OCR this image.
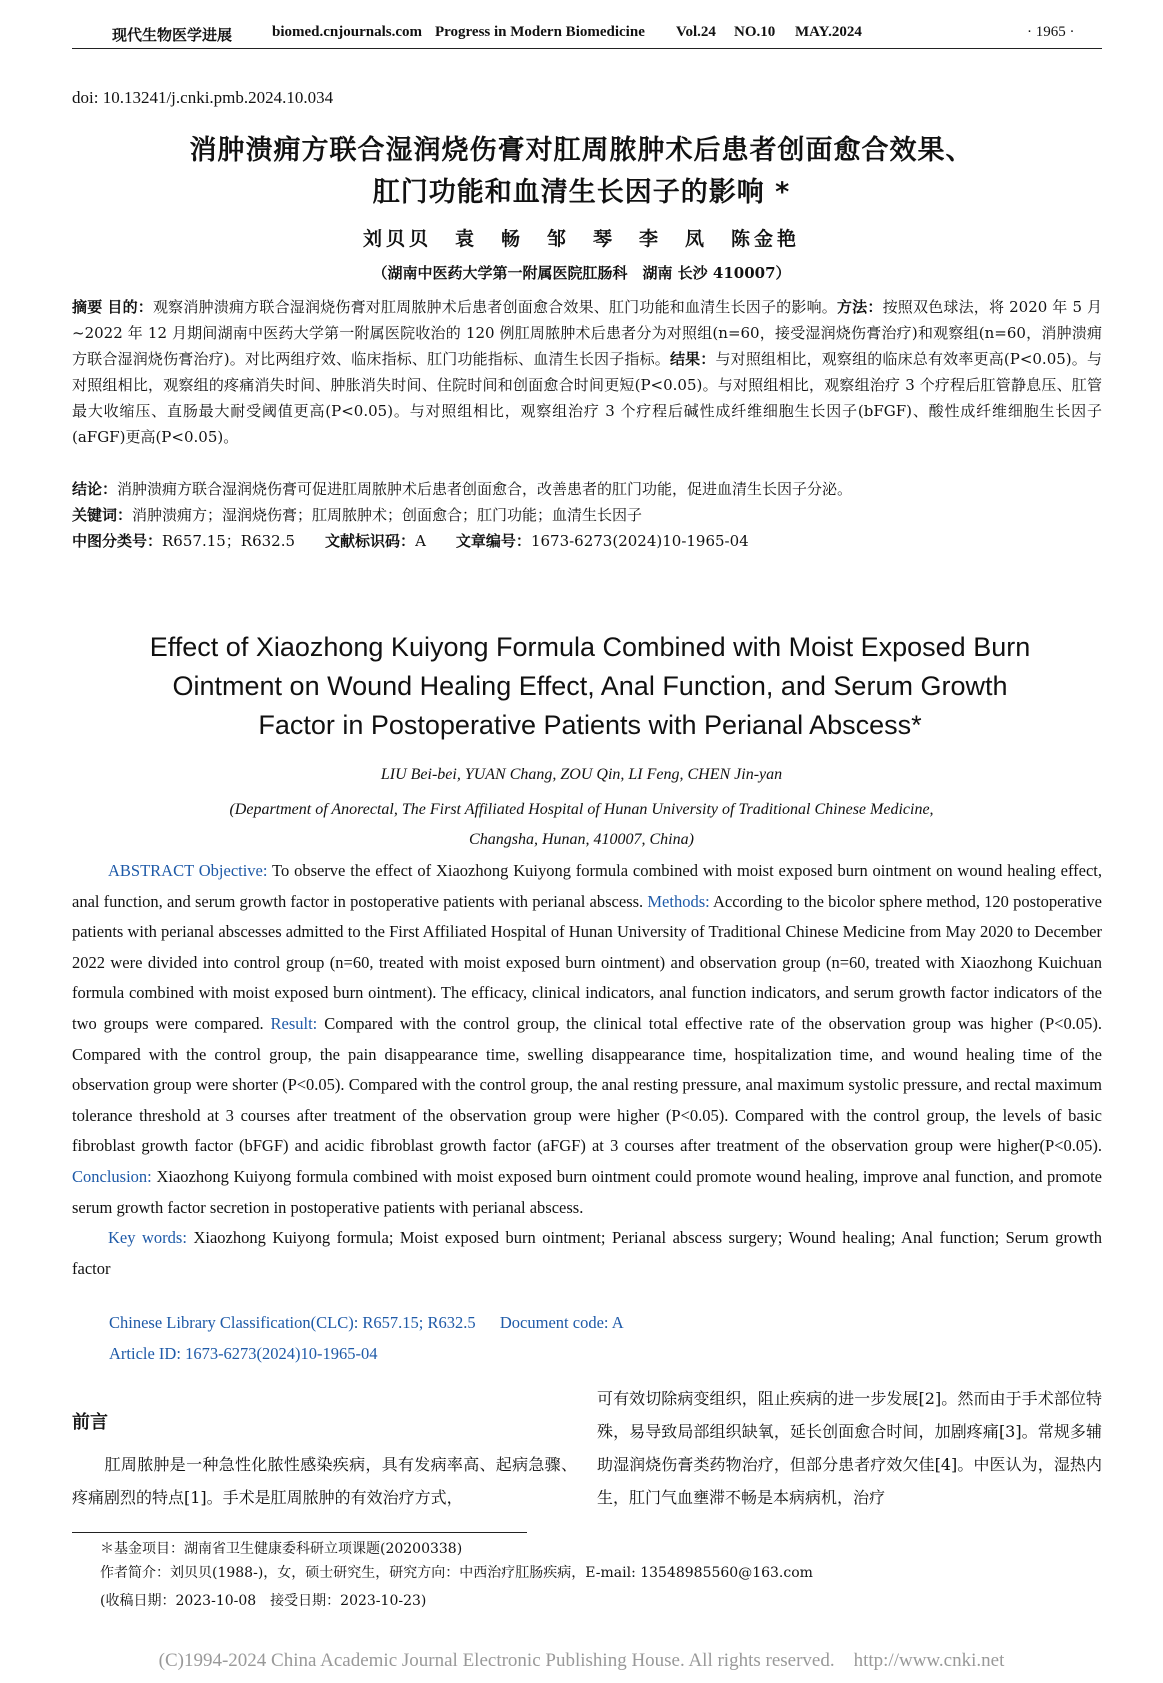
现代生物医学进展	biomed.cnjournals.com Progress in Modern Biomedicine Vol.24 NO.10 MAY.2024	· 1965 ·
doi: 10.13241/j.cnki.pmb.2024.10.034
消肿溃痈方联合湿润烧伤膏对肛周脓肿术后患者创面愈合效果、
肛门功能和血清生长因子的影响 *
刘贝贝　袁　畅　邹　琴　李　凤　陈金艳
（湖南中医药大学第一附属医院肛肠科　湖南 长沙 410007）
摘要 目的：观察消肿溃痈方联合湿润烧伤膏对肛周脓肿术后患者创面愈合效果、肛门功能和血清生长因子的影响。方法：按照双色球法，将 2020 年 5 月 ~2022 年 12 月期间湖南中医药大学第一附属医院收治的 120 例肛周脓肿术后患者分为对照组(n=60，接受湿润烧伤膏治疗)和观察组(n=60，消肿溃痈方联合湿润烧伤膏治疗)。对比两组疗效、临床指标、肛门功能指标、血清生长因子指标。结果：与对照组相比，观察组的临床总有效率更高(P<0.05)。与对照组相比，观察组的疼痛消失时间、肿胀消失时间、住院时间和创面愈合时间更短(P<0.05)。与对照组相比，观察组治疗 3 个疗程后肛管静息压、肛管最大收缩压、直肠最大耐受阈值更高(P<0.05)。与对照组相比，观察组治疗 3 个疗程后碱性成纤维细胞生长因子(bFGF)、酸性成纤维细胞生长因子(aFGF)更高(P<0.05)。
结论：消肿溃痈方联合湿润烧伤膏可促进肛周脓肿术后患者创面愈合，改善患者的肛门功能，促进血清生长因子分泌。
关键词：消肿溃痈方；湿润烧伤膏；肛周脓肿术；创面愈合；肛门功能；血清生长因子
中图分类号：R657.15；R632.5　　 文献标识码：A　　 文章编号：1673-6273(2024)10-1965-04
Effect of Xiaozhong Kuiyong Formula Combined with Moist Exposed Burn
Ointment on Wound Healing Effect, Anal Function, and Serum Growth
Factor in Postoperative Patients with Perianal Abscess*
LIU Bei-bei, YUAN Chang, ZOU Qin, LI Feng, CHEN Jin-yan
(Department of Anorectal, The First Affiliated Hospital of Hunan University of Traditional Chinese Medicine,
Changsha, Hunan, 410007, China)
ABSTRACT Objective: To observe the effect of Xiaozhong Kuiyong formula combined with moist exposed burn ointment on wound healing effect, anal function, and serum growth factor in postoperative patients with perianal abscess. Methods: According to the bicolor sphere method, 120 postoperative patients with perianal abscesses admitted to the First Affiliated Hospital of Hunan University of Traditional Chinese Medicine from May 2020 to December 2022 were divided into control group (n=60, treated with moist exposed burn ointment) and observation group (n=60, treated with Xiaozhong Kuichuan formula combined with moist exposed burn ointment). The efficacy, clinical indicators, anal function indicators, and serum growth factor indicators of the two groups were compared. Result: Compared with the control group, the clinical total effective rate of the observation group was higher (P<0.05). Compared with the control group, the pain disappearance time, swelling disappearance time, hospitalization time, and wound healing time of the observation group were shorter (P<0.05). Compared with the control group, the anal resting pressure, anal maximum systolic pressure, and rectal maximum tolerance threshold at 3 courses after treatment of the observation group were higher (P<0.05). Compared with the control group, the levels of basic fibroblast growth factor (bFGF) and acidic fibroblast growth factor (aFGF) at 3 courses after treatment of the observation group were higher(P<0.05). Conclusion: Xiaozhong Kuiyong formula combined with moist exposed burn ointment could promote wound healing, improve anal function, and promote serum growth factor secretion in postoperative patients with perianal abscess.
Key words: Xiaozhong Kuiyong formula; Moist exposed burn ointment; Perianal abscess surgery; Wound healing; Anal function; Serum growth factor
Chinese Library Classification(CLC): R657.15; R632.5 Document code: A
Article ID: 1673-6273(2024)10-1965-04
前言
　　肛周脓肿是一种急性化脓性感染疾病，具有发病率高、起病急骤、疼痛剧烈的特点[1]。手术是肛周脓肿的有效治疗方式，
可有效切除病变组织，阻止疾病的进一步发展[2]。然而由于手术部位特殊，易导致局部组织缺氧，延长创面愈合时间，加剧疼痛[3]。常规多辅助湿润烧伤膏类药物治疗，但部分患者疗效欠佳[4]。中医认为，湿热内生，肛门气血壅滞不畅是本病病机，治疗
＊基金项目：湖南省卫生健康委科研立项课题(20200338)
作者简介：刘贝贝(1988-)，女，硕士研究生，研究方向：中西治疗肛肠疾病，E-mail: 13548985560@163.com
(收稿日期：2023-10-08　接受日期：2023-10-23)
(C)1994-2024 China Academic Journal Electronic Publishing House. All rights reserved.　http://www.cnki.net
